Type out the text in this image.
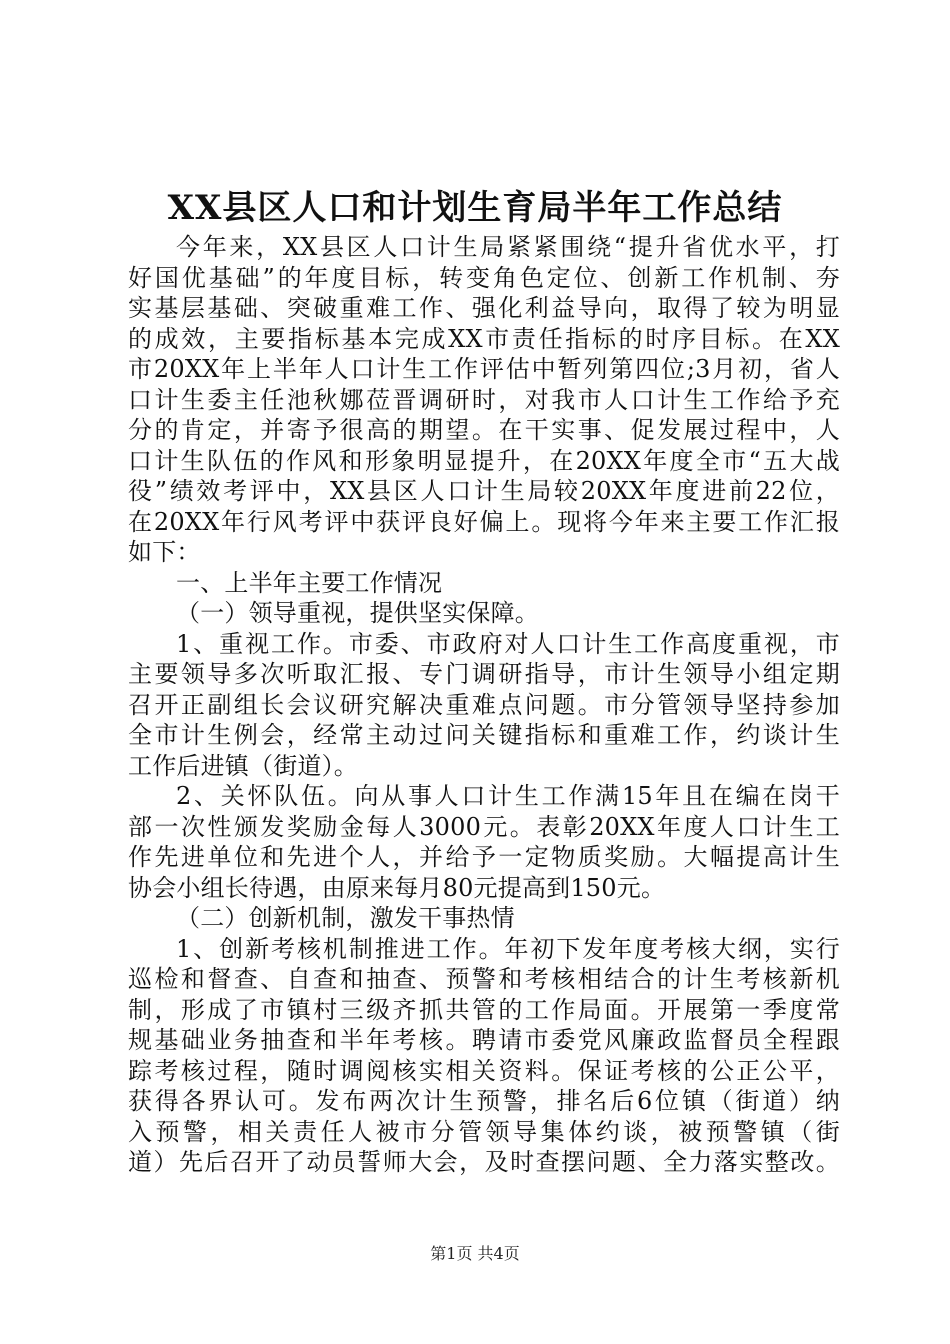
XX县区人口和计划生育局半年工作总结
今年来，XX县区人口计生局紧紧围绕“提升省优水平，打
好国优基础”的年度目标，转变角色定位、创新工作机制、夯
实基层基础、突破重难工作、强化利益导向，取得了较为明显
的成效，主要指标基本完成XX市责任指标的时序目标。在XX
市20XX年上半年人口计生工作评估中暂列第四位;3月初，省人
口计生委主任池秋娜莅晋调研时，对我市人口计生工作给予充
分的肯定，并寄予很高的期望。在干实事、促发展过程中，人
口计生队伍的作风和形象明显提升，在20XX年度全市“五大战
役”绩效考评中，XX县区人口计生局较20XX年度进前22位，
在20XX年行风考评中获评良好偏上。现将今年来主要工作汇报
如下：
一、上半年主要工作情况
（一）领导重视，提供坚实保障。
1、重视工作。市委、市政府对人口计生工作高度重视，市
主要领导多次听取汇报、专门调研指导，市计生领导小组定期
召开正副组长会议研究解决重难点问题。市分管领导坚持参加
全市计生例会，经常主动过问关键指标和重难工作，约谈计生
工作后进镇（街道）。
2、关怀队伍。向从事人口计生工作满15年且在编在岗干
部一次性颁发奖励金每人3000元。表彰20XX年度人口计生工
作先进单位和先进个人，并给予一定物质奖励。大幅提高计生
协会小组长待遇，由原来每月80元提高到150元。
（二）创新机制，激发干事热情
1、创新考核机制推进工作。年初下发年度考核大纲，实行
巡检和督查、自查和抽查、预警和考核相结合的计生考核新机
制，形成了市镇村三级齐抓共管的工作局面。开展第一季度常
规基础业务抽查和半年考核。聘请市委党风廉政监督员全程跟
踪考核过程，随时调阅核实相关资料。保证考核的公正公平，
获得各界认可。发布两次计生预警，排名后6位镇（街道）纳
入预警，相关责任人被市分管领导集体约谈，被预警镇（街
道）先后召开了动员誓师大会，及时查摆问题、全力落实整改。
第1页 共4页
